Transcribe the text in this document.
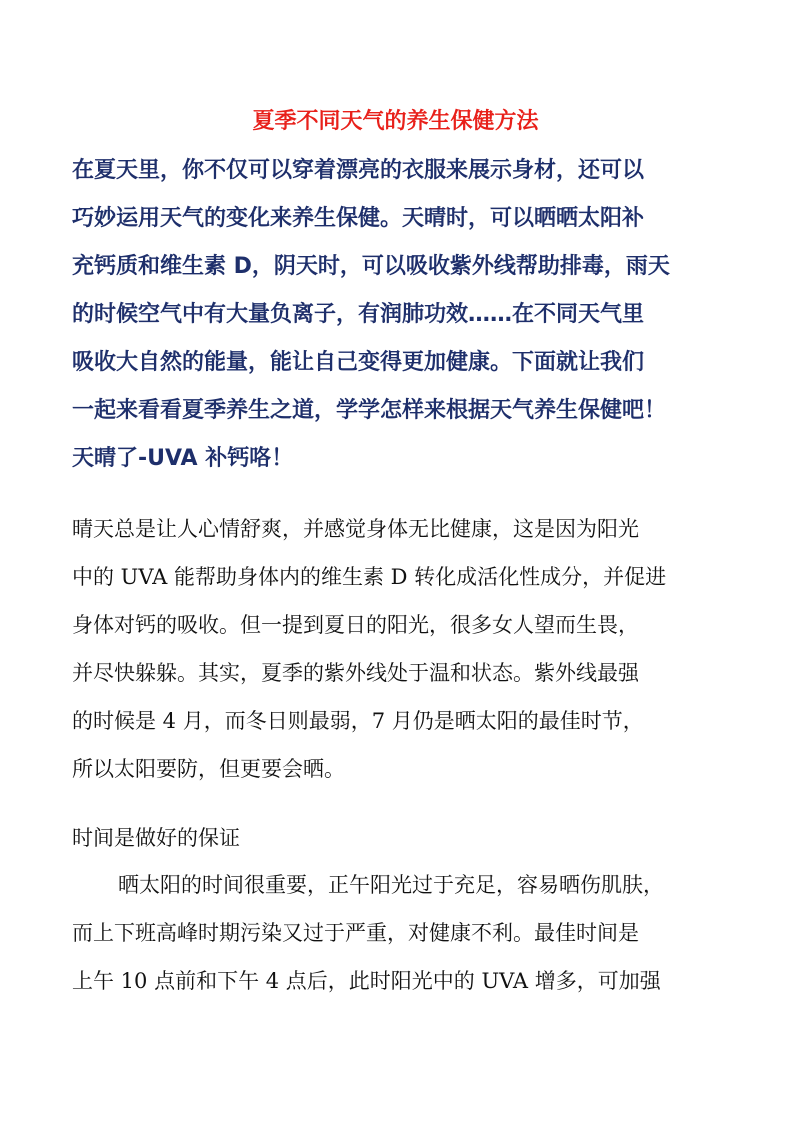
夏季不同天气的养生保健方法
在夏天里，你不仅可以穿着漂亮的衣服来展示身材，还可以
巧妙运用天气的变化来养生保健。天晴时，可以晒晒太阳补
充钙质和维生素 D，阴天时，可以吸收紫外线帮助排毒，雨天
的时候空气中有大量负离子，有润肺功效……在不同天气里
吸收大自然的能量，能让自己变得更加健康。下面就让我们
一起来看看夏季养生之道，学学怎样来根据天气养生保健吧！
天晴了-UVA 补钙咯！
晴天总是让人心情舒爽，并感觉身体无比健康，这是因为阳光
中的 UVA 能帮助身体内的维生素 D 转化成活化性成分，并促进
身体对钙的吸收。但一提到夏日的阳光，很多女人望而生畏，
并尽快躲躲。其实，夏季的紫外线处于温和状态。紫外线最强
的时候是 4 月，而冬日则最弱，7 月仍是晒太阳的最佳时节，
所以太阳要防，但更要会晒。

时间是做好的保证

晒太阳的时间很重要，正午阳光过于充足，容易晒伤肌肤，
而上下班高峰时期污染又过于严重，对健康不利。最佳时间是
上午 10 点前和下午 4 点后，此时阳光中的 UVA 增多，可加强
